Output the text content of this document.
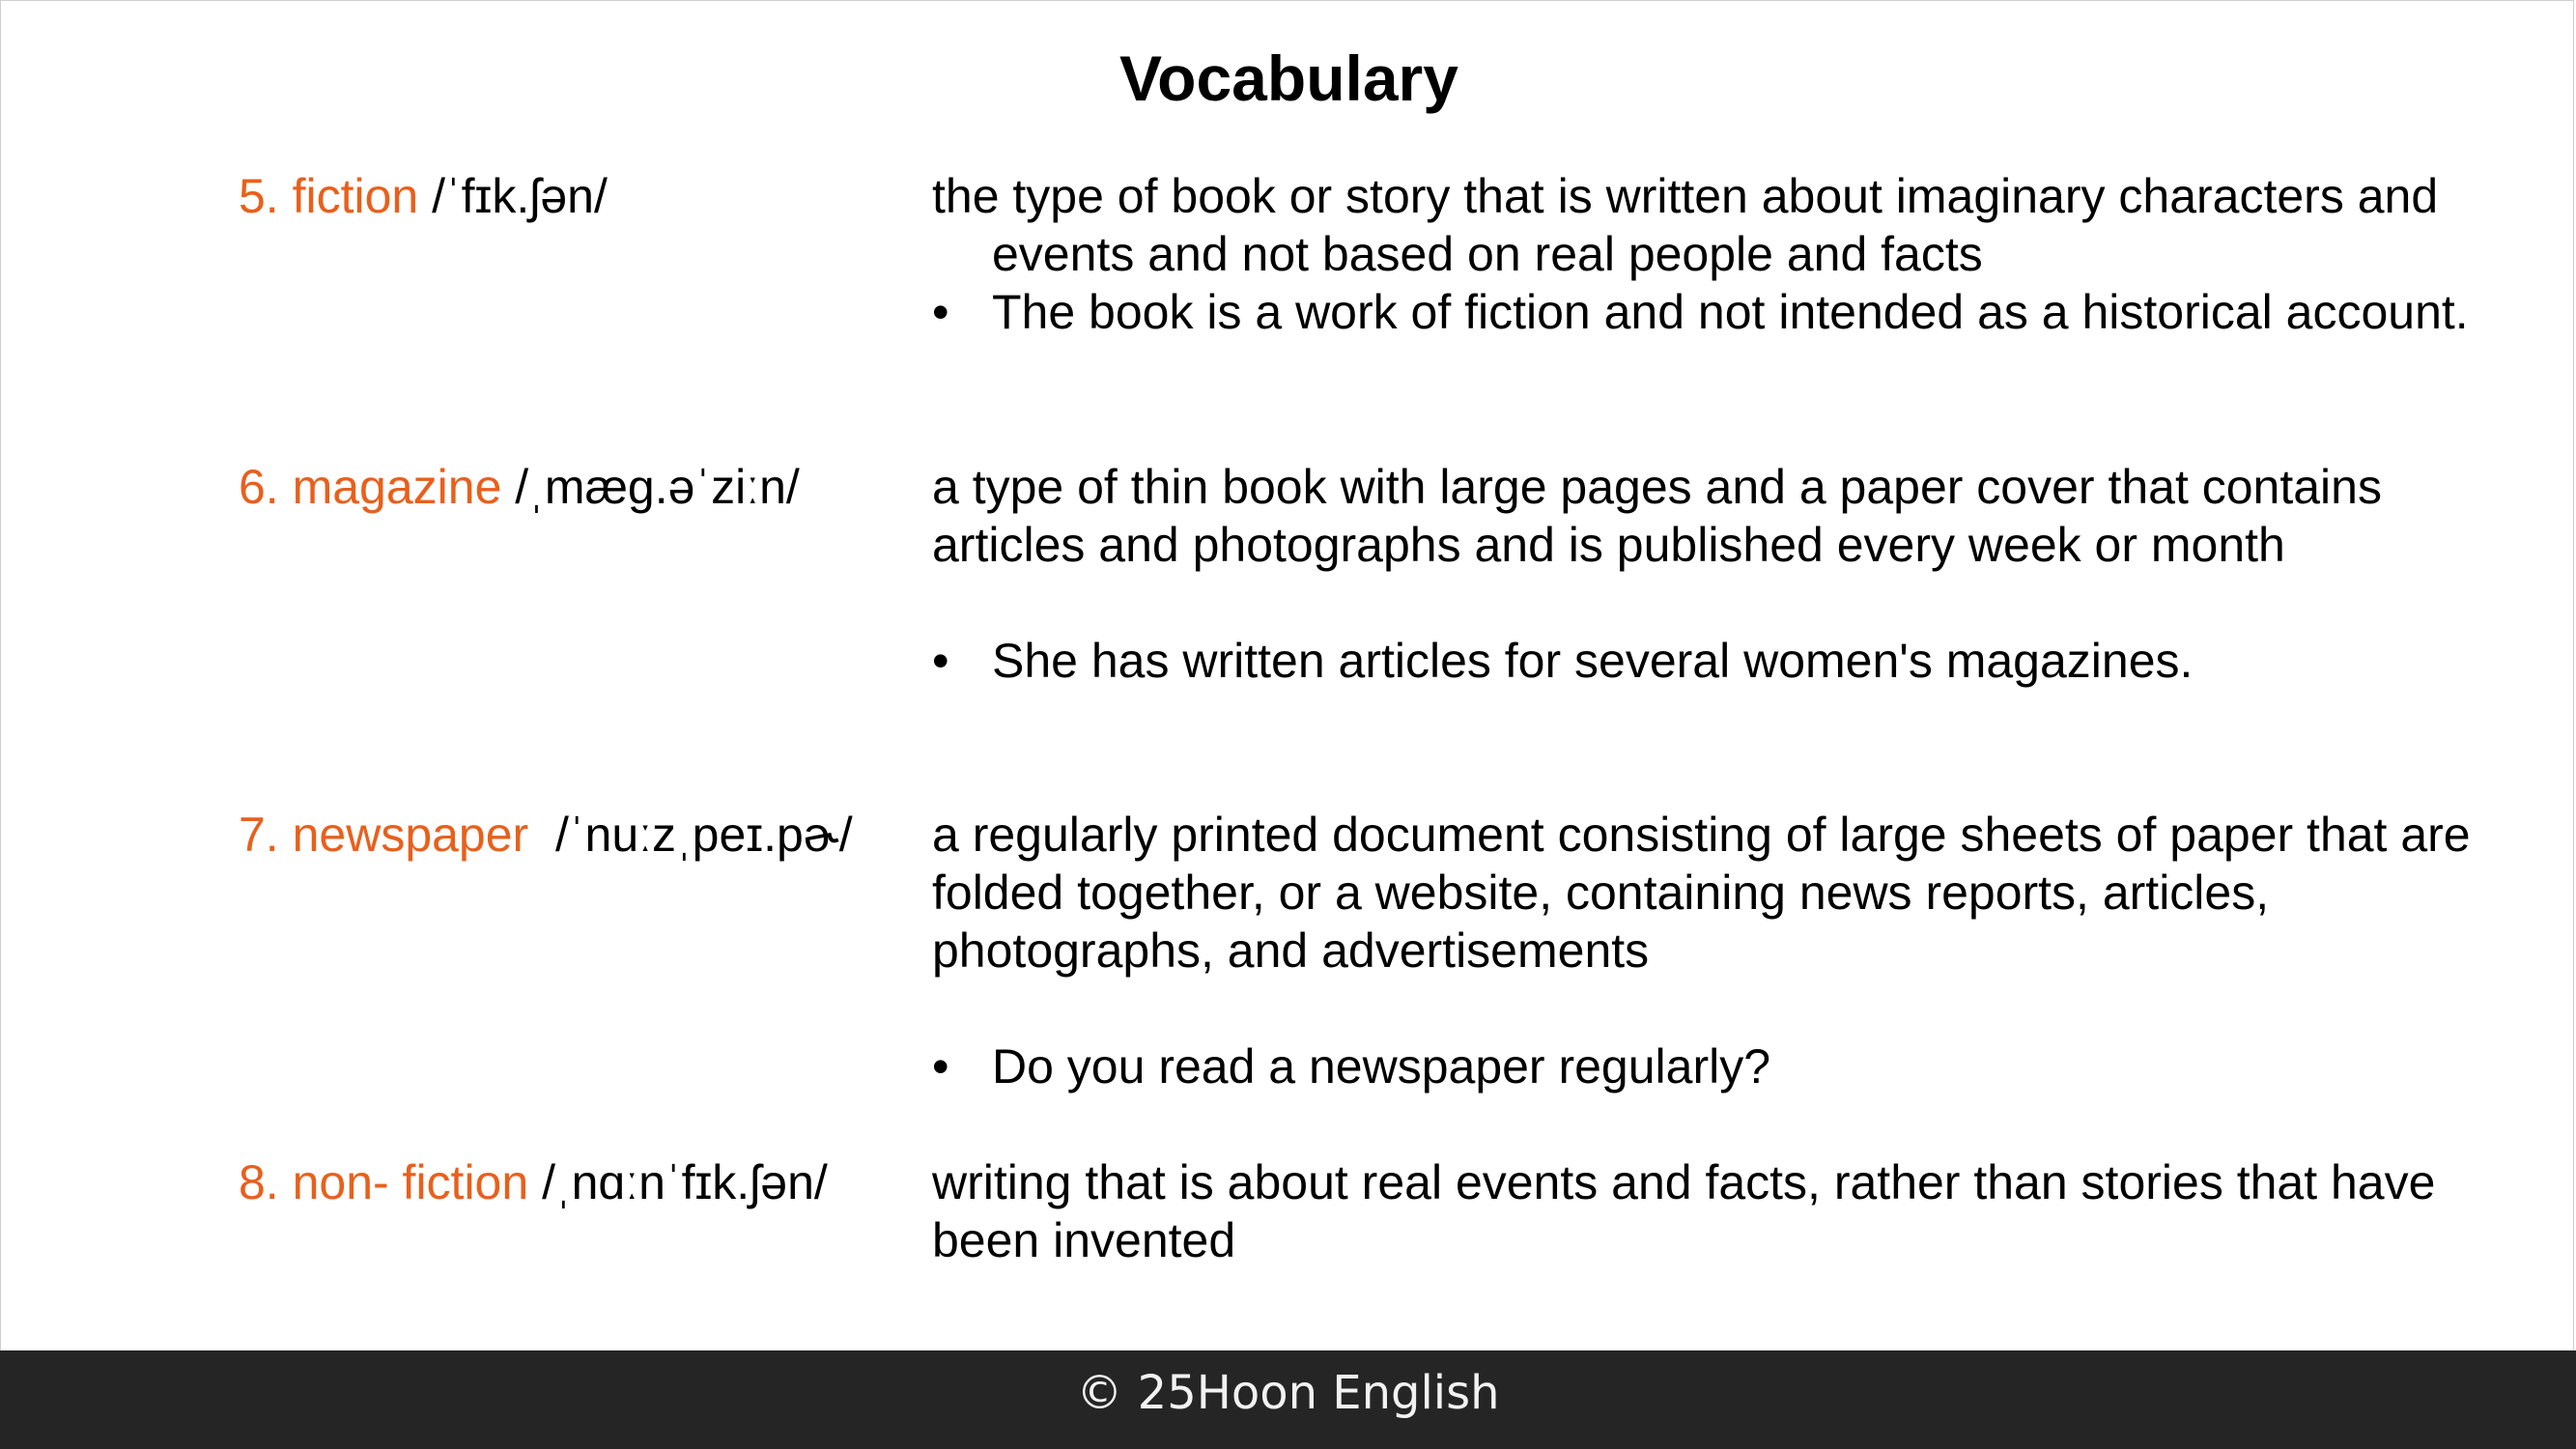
Vocabulary
5. fiction /ˈfɪk.ʃən/	the type of book or story that is written about imaginary characters and events and not based on real people and facts
• The book is a work of fiction and not intended as a historical account.
6. magazine /ˌmæg.əˈziːn/	a type of thin book with large pages and a paper cover that contains articles and photographs and is published every week or month
• She has written articles for several women's magazines.
7. newspaper  /ˈnuːzˌpeɪ.pɚ/ a regularly printed document consisting of large sheets of paper that are folded together, or a website, containing news reports, articles, photographs, and advertisements
• Do you read a newspaper regularly?
8. non- fiction /ˌnɑːnˈfɪk.ʃən/ writing that is about real events and facts, rather than stories that have been invented
© 25Hoon English
